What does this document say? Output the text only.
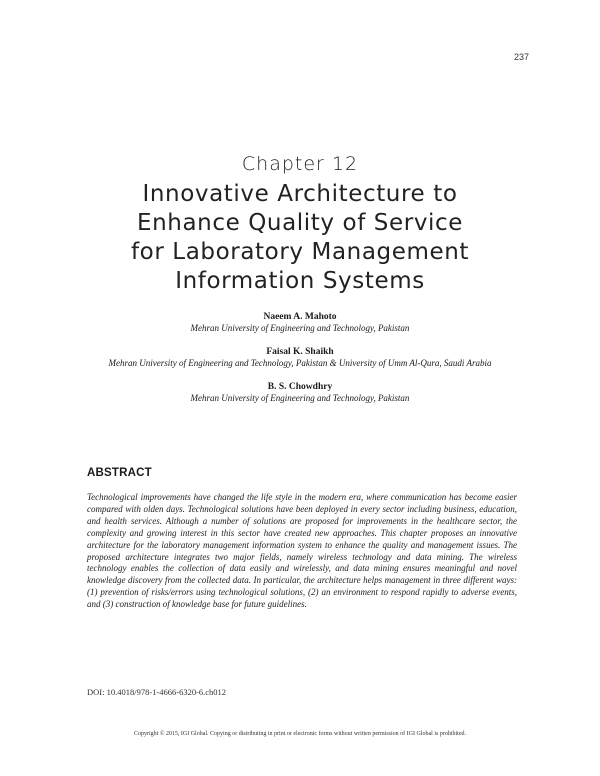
237
Chapter 12
Innovative Architecture to
Enhance Quality of Service
for Laboratory Management
Information Systems
Naeem A. Mahoto
Mehran University of Engineering and Technology, Pakistan
Faisal K. Shaikh
Mehran University of Engineering and Technology, Pakistan & University of Umm Al-Qura, Saudi Arabia
B. S. Chowdhry
Mehran University of Engineering and Technology, Pakistan
ABSTRACT
Technological improvements have changed the life style in the modern era, where communication has become easier compared with olden days. Technological solutions have been deployed in every sector including business, education, and health services. Although a number of solutions are proposed for improvements in the healthcare sector, the complexity and growing interest in this sector have created new approaches. This chapter proposes an innovative architecture for the laboratory management information system to enhance the quality and management issues. The proposed architecture integrates two major fields, namely wireless technology and data mining. The wireless technology enables the collection of data easily and wirelessly, and data mining ensures meaningful and novel knowledge discovery from the collected data. In particular, the architecture helps management in three different ways: (1) prevention of risks/errors using technological solutions, (2) an environment to respond rapidly to adverse events, and (3) construction of knowledge base for future guidelines.
DOI: 10.4018/978-1-4666-6320-6.ch012
Copyright © 2015, IGI Global. Copying or distributing in print or electronic forms without written permission of IGI Global is prohibited.
